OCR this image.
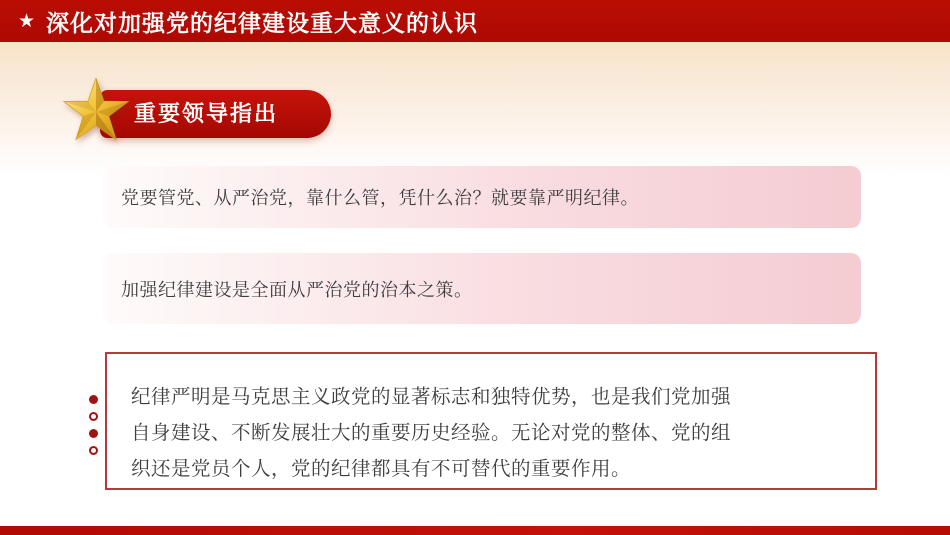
★ 深化对加强党的纪律建设重大意义的认识
重要领导指出

党要管党、从严治党，靠什么管，凭什么治？就要靠严明纪律。

加强纪律建设是全面从严治党的治本之策。

纪律严明是马克思主义政党的显著标志和独特优势，也是我们党加强自身建设、不断发展壮大的重要历史经验。无论对党的整体、党的组织还是党员个人，党的纪律都具有不可替代的重要作用。
